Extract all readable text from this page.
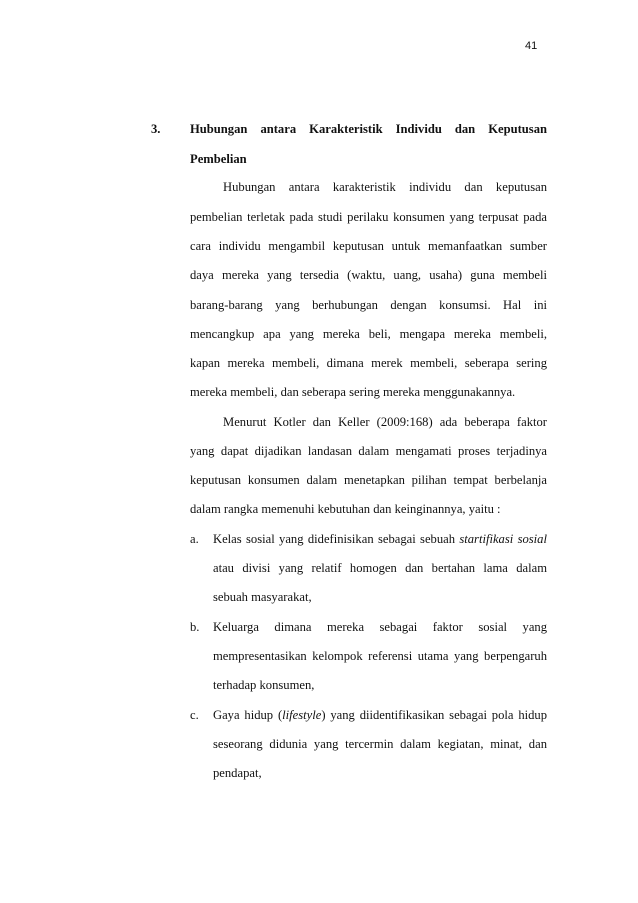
41
3. Hubungan antara Karakteristik Individu dan Keputusan
Pembelian
Hubungan antara karakteristik individu dan keputusan
pembelian terletak pada studi perilaku konsumen yang terpusat pada
cara individu mengambil keputusan untuk memanfaatkan sumber
daya mereka yang tersedia (waktu, uang, usaha) guna membeli
barang-barang yang berhubungan dengan konsumsi. Hal ini
mencangkup apa yang mereka beli, mengapa mereka membeli,
kapan mereka membeli, dimana merek membeli, seberapa sering
mereka membeli, dan seberapa sering mereka menggunakannya.
Menurut Kotler dan Keller (2009:168) ada beberapa faktor
yang dapat dijadikan landasan dalam mengamati proses terjadinya
keputusan konsumen dalam menetapkan pilihan tempat berbelanja
dalam rangka memenuhi kebutuhan dan keinginannya, yaitu :
a. Kelas sosial yang didefinisikan sebagai sebuah startifikasi sosial
atau divisi yang relatif homogen dan bertahan lama dalam
sebuah masyarakat,
b. Keluarga dimana mereka sebagai faktor sosial yang
mempresentasikan kelompok referensi utama yang berpengaruh
terhadap konsumen,
c. Gaya hidup (lifestyle) yang diidentifikasikan sebagai pola hidup
seseorang didunia yang tercermin dalam kegiatan, minat, dan
pendapat,
